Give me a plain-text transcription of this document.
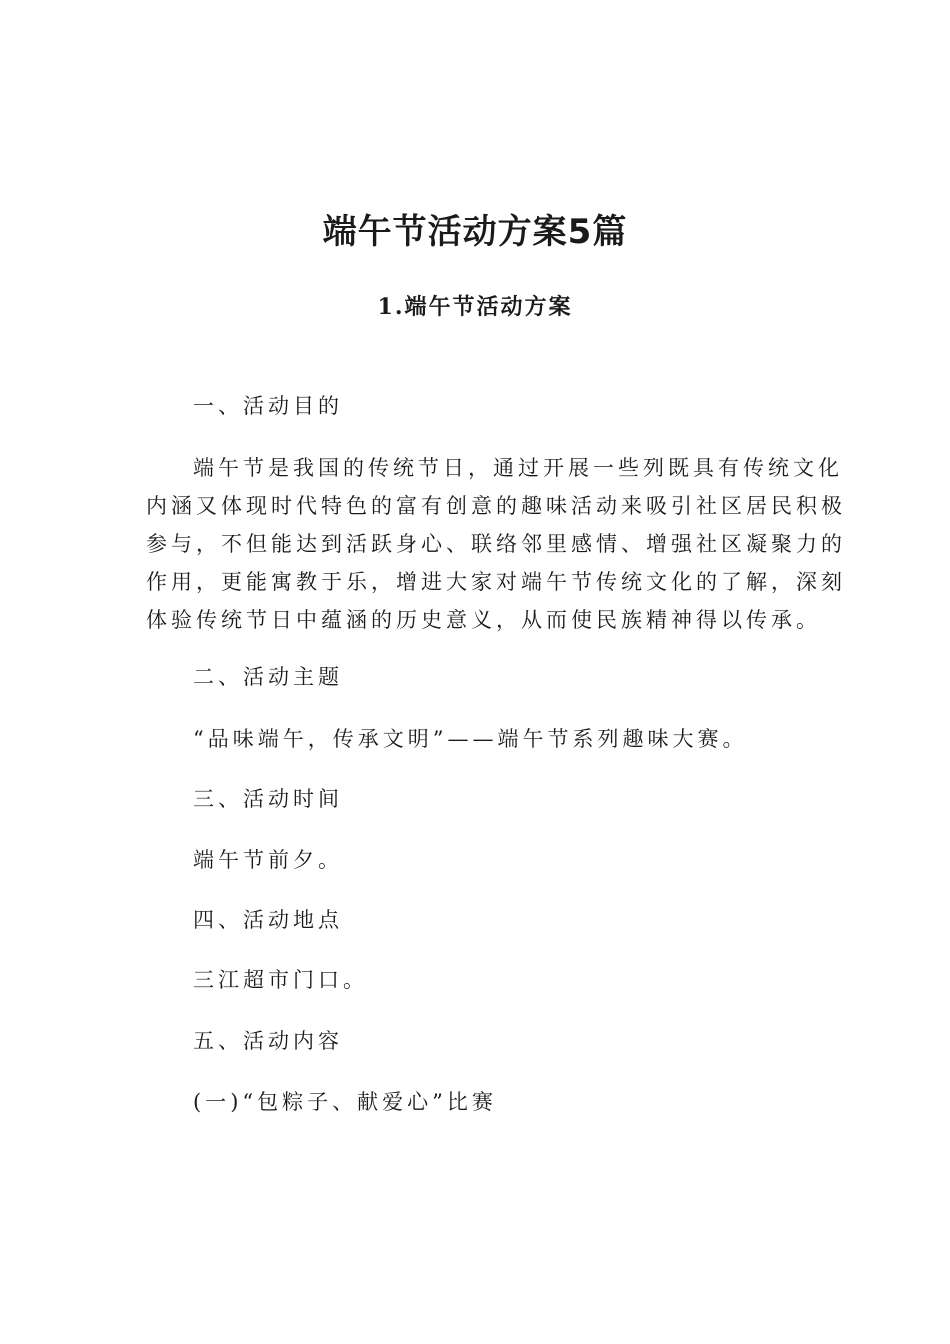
端午节活动方案5篇
1.端午节活动方案
一、活动目的
端午节是我国的传统节日，通过开展一些列既具有传统文化
内涵又体现时代特色的富有创意的趣味活动来吸引社区居民积极
参与，不但能达到活跃身心、联络邻里感情、增强社区凝聚力的
作用，更能寓教于乐，增进大家对端午节传统文化的了解，深刻
体验传统节日中蕴涵的历史意义，从而使民族精神得以传承。
二、活动主题
“品味端午，传承文明”——端午节系列趣味大赛。
三、活动时间
端午节前夕。
四、活动地点
三江超市门口。
五、活动内容
(一)“包粽子、献爱心”比赛
